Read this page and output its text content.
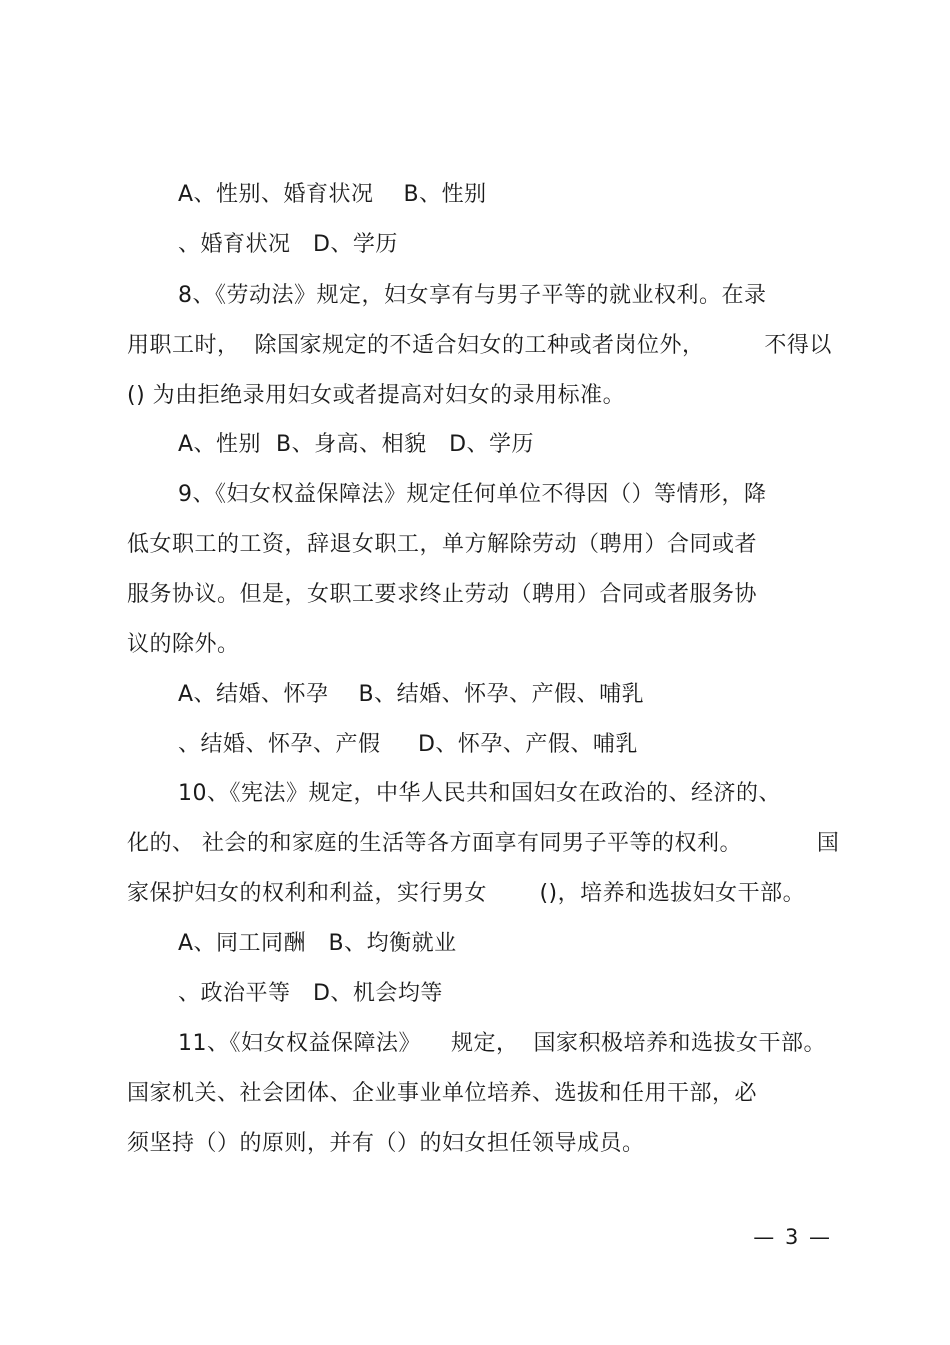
A、性别、婚育状况    B、性别
、婚育状况   D、学历
8、《劳动法》规定，妇女享有与男子平等的就业权利。在录
用职工时，  除国家规定的不适合妇女的工种或者岗位外，        不得以
() 为由拒绝录用妇女或者提高对妇女的录用标准。
A、性别  B、身高、相貌   D、学历
9、《妇女权益保障法》规定任何单位不得因（）等情形，降
低女职工的工资，辞退女职工，单方解除劳动（聘用）合同或者
服务协议。但是，女职工要求终止劳动（聘用）合同或者服务协
议的除外。
A、结婚、怀孕    B、结婚、怀孕、产假、哺乳
、结婚、怀孕、产假     D、怀孕、产假、哺乳
10、《宪法》规定，中华人民共和国妇女在政治的、经济的、
化的、 社会的和家庭的生活等各方面享有同男子平等的权利。          国
家保护妇女的权利和利益，实行男女       ()，培养和选拔妇女干部。
A、同工同酬   B、均衡就业
、政治平等   D、机会均等
11、《妇女权益保障法》    规定，  国家积极培养和选拔女干部。
国家机关、社会团体、企业事业单位培养、选拔和任用干部，必
须坚持（）的原则，并有（）的妇女担任领导成员。
— 3 —
